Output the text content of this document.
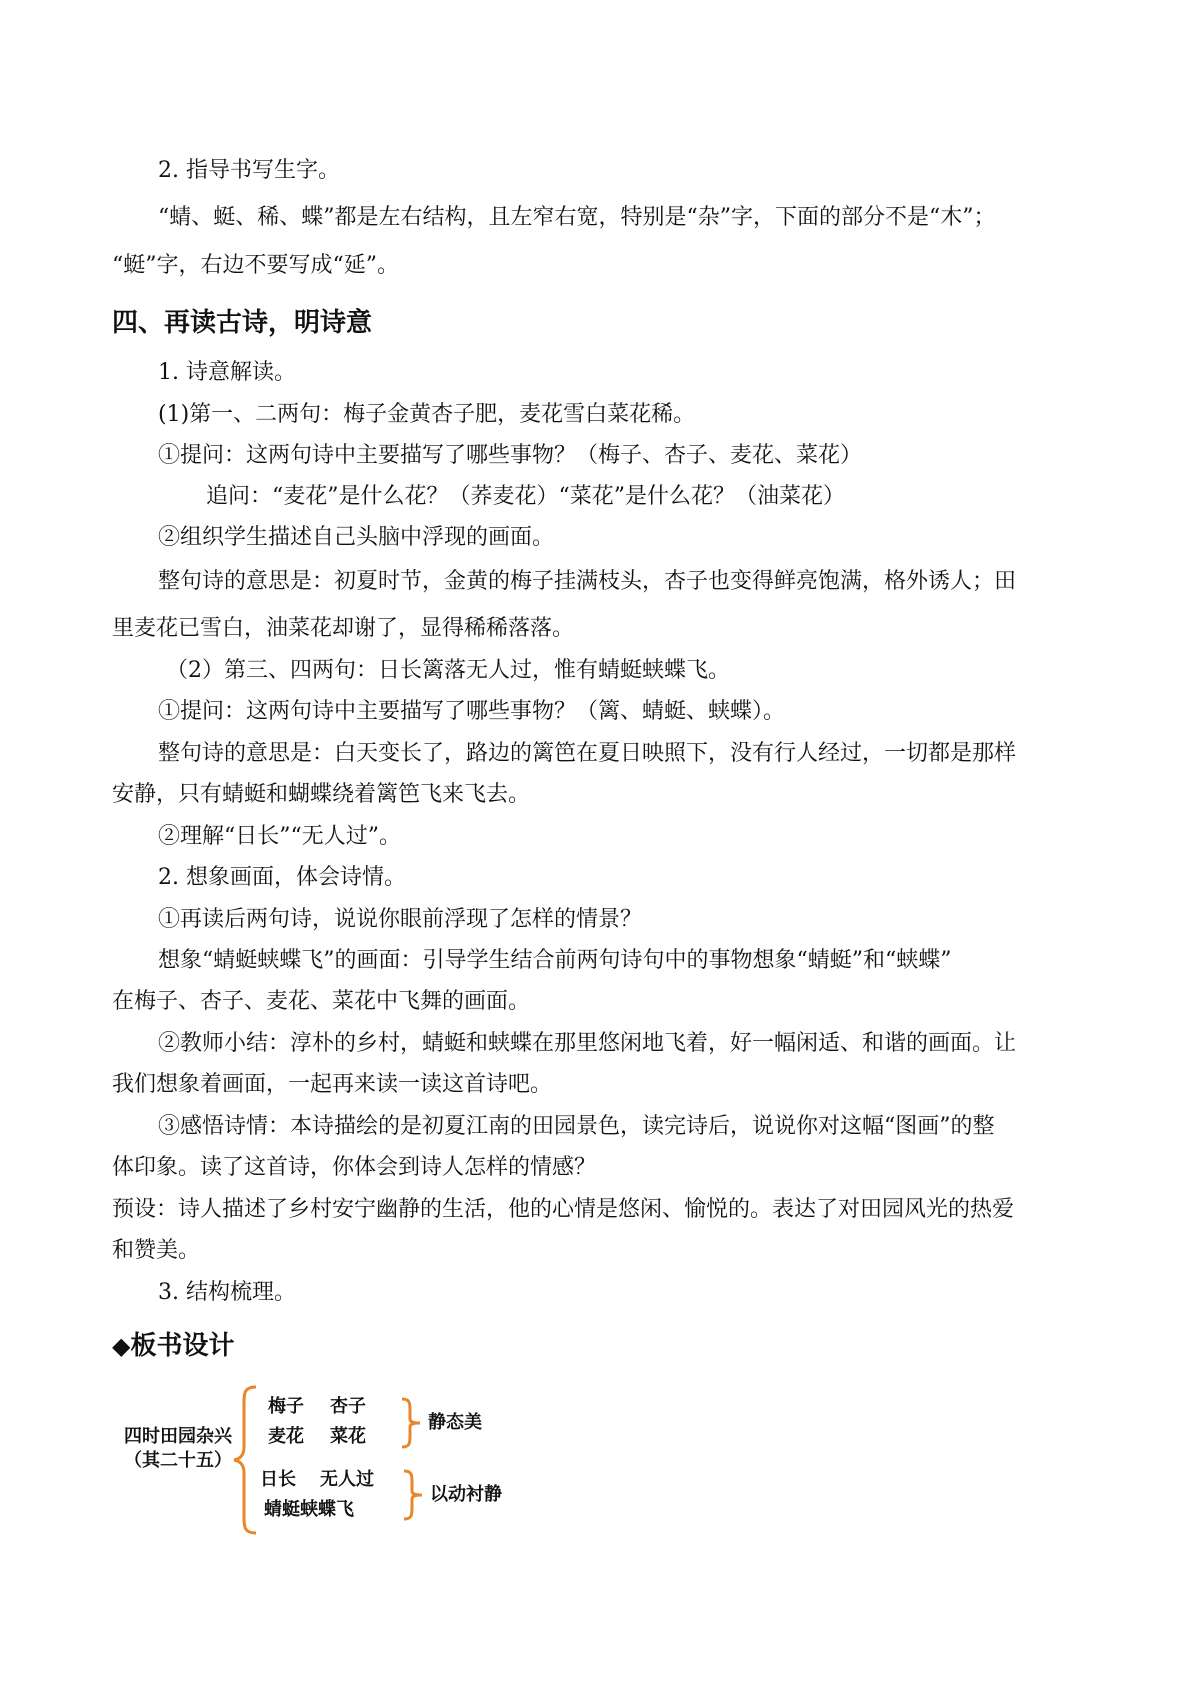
2. 指导书写生字。
“蜻、蜓、稀、蝶”都是左右结构，且左窄右宽，特别是“杂”字，下面的部分不是“木”；
“蜓”字，右边不要写成“延”。
四、再读古诗，明诗意
1. 诗意解读。
(1)第一、二两句：梅子金黄杏子肥，麦花雪白菜花稀。
①提问：这两句诗中主要描写了哪些事物？（梅子、杏子、麦花、菜花）
追问：“麦花”是什么花？（荞麦花）“菜花”是什么花？（油菜花）
②组织学生描述自己头脑中浮现的画面。
整句诗的意思是：初夏时节，金黄的梅子挂满枝头，杏子也变得鲜亮饱满，格外诱人；田
里麦花已雪白，油菜花却谢了，显得稀稀落落。
（2）第三、四两句：日长篱落无人过，惟有蜻蜓蛱蝶飞。
①提问：这两句诗中主要描写了哪些事物？（篱、蜻蜓、蛱蝶）。
整句诗的意思是：白天变长了，路边的篱笆在夏日映照下，没有行人经过，一切都是那样
安静，只有蜻蜓和蝴蝶绕着篱笆飞来飞去。
②理解“日长”“无人过”。
2. 想象画面，体会诗情。
①再读后两句诗，说说你眼前浮现了怎样的情景？
想象“蜻蜓蛱蝶飞”的画面：引导学生结合前两句诗句中的事物想象“蜻蜓”和“蛱蝶”
在梅子、杏子、麦花、菜花中飞舞的画面。
②教师小结：淳朴的乡村，蜻蜓和蛱蝶在那里悠闲地飞着，好一幅闲适、和谐的画面。让
我们想象着画面，一起再来读一读这首诗吧。
③感悟诗情：本诗描绘的是初夏江南的田园景色，读完诗后，说说你对这幅“图画”的整
体印象。读了这首诗，你体会到诗人怎样的情感？
预设：诗人描述了乡村安宁幽静的生活，他的心情是悠闲、愉悦的。表达了对田园风光的热爱
和赞美。
3. 结构梳理。
◆板书设计
四时田园杂兴
（其二十五）
梅子 杏子
麦花 菜花
静态美
日长 无人过
蜻蜓蛱蝶飞
以动衬静
